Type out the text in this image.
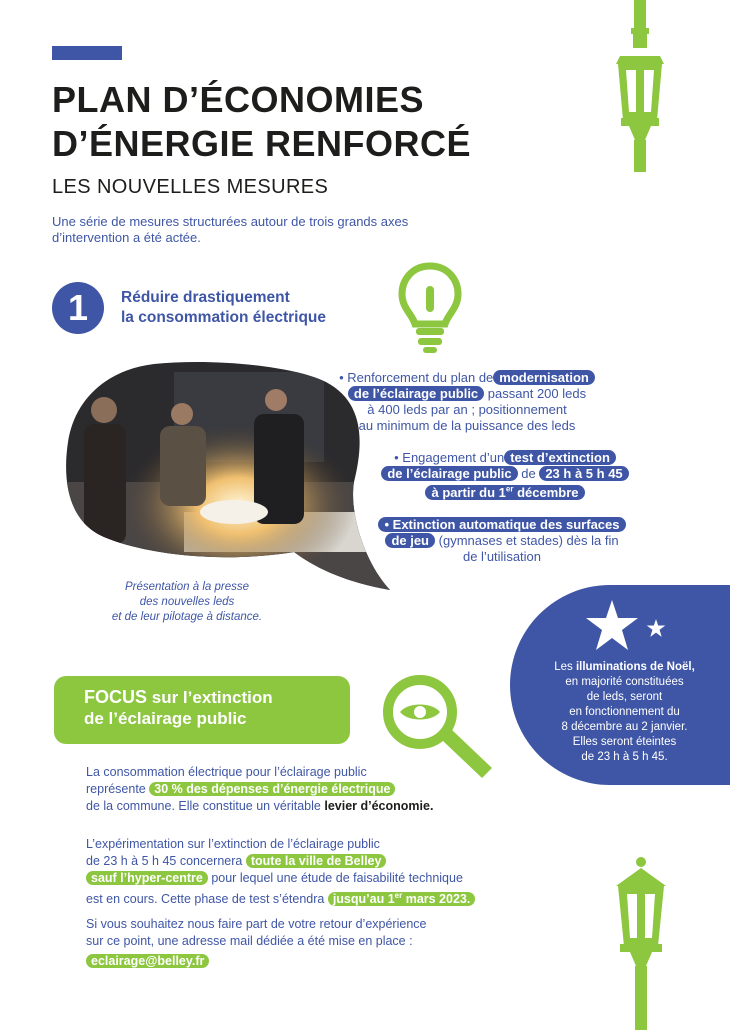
PLAN D’ÉCONOMIES
D’ÉNERGIE RENFORCÉ
LES NOUVELLES MESURES
Une série de mesures structurées autour de trois grands axes d’intervention a été actée.
1	Réduire drastiquement
la consommation électrique
Présentation à la presse
des nouvelles leds
et de leur pilotage à distance.
• Renforcement du plan de modernisation
de l’éclairage public passant 200 leds
à 400 leds par an ; positionnement
au minimum de la puissance des leds
• Engagement d’un test d’extinction
de l’éclairage public de 23 h à 5 h 45
à partir du 1er décembre
• Extinction automatique des surfaces
de jeu (gymnases et stades) dès la fin
de l’utilisation
Les illuminations de Noël,
en majorité constituées
de leds, seront
en fonctionnement du
8 décembre au 2 janvier.
Elles seront éteintes
de 23 h à 5 h 45.
FOCUS sur l’extinction
de l’éclairage public
La consommation électrique pour l’éclairage public
représente 30 % des dépenses d’énergie électrique
de la commune. Elle constitue un véritable levier d’économie.
L’expérimentation sur l’extinction de l’éclairage public
de 23 h à 5 h 45 concernera toute la ville de Belley
sauf l’hyper-centre pour lequel une étude de faisabilité technique
est en cours. Cette phase de test s’étendra jusqu’au 1er mars 2023.
Si vous souhaitez nous faire part de votre retour d’expérience
sur ce point, une adresse mail dédiée a été mise en place :
eclairage@belley.fr
